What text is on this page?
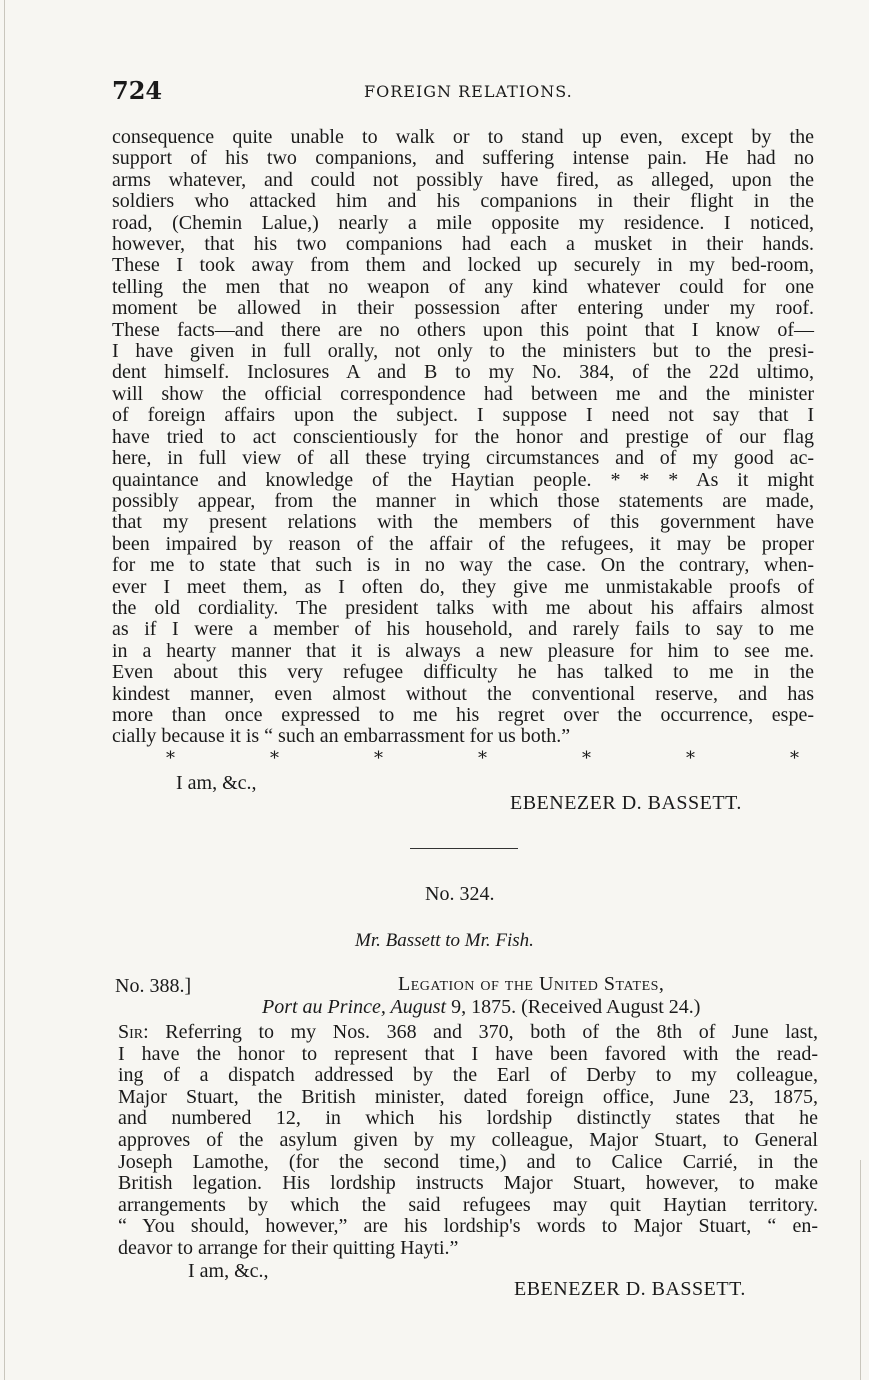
724	FOREIGN RELATIONS.
consequence quite unable to walk or to stand up even, except by the
support of his two companions, and suffering intense pain. He had no
arms whatever, and could not possibly have fired, as alleged, upon the
soldiers who attacked him and his companions in their flight in the
road, (Chemin Lalue,) nearly a mile opposite my residence. I noticed,
however, that his two companions had each a musket in their hands.
These I took away from them and locked up securely in my bed-room,
telling the men that no weapon of any kind whatever could for one
moment be allowed in their possession after entering under my roof.
These facts—and there are no others upon this point that I know of—
I have given in full orally, not only to the ministers but to the presi-
dent himself. Inclosures A and B to my No. 384, of the 22d ultimo,
will show the official correspondence had between me and the minister
of foreign affairs upon the subject. I suppose I need not say that I
have tried to act conscientiously for the honor and prestige of our flag
here, in full view of all these trying circumstances and of my good ac-
quaintance and knowledge of the Haytian people. * * * As it might
possibly appear, from the manner in which those statements are made,
that my present relations with the members of this government have
been impaired by reason of the affair of the refugees, it may be proper
for me to state that such is in no way the case. On the contrary, when-
ever I meet them, as I often do, they give me unmistakable proofs of
the old cordiality. The president talks with me about his affairs almost
as if I were a member of his household, and rarely fails to say to me
in a hearty manner that it is always a new pleasure for him to see me.
Even about this very refugee difficulty he has talked to me in the
kindest manner, even almost without the conventional reserve, and has
more than once expressed to me his regret over the occurrence, espe-
cially because it is “ such an embarrassment for us both.”
*	*	*	*	*	*	*
I am, &c.,
EBENEZER D. BASSETT.
No. 324.
Mr. Bassett to Mr. Fish.
No. 388.]	Legation of the United States,
Port au Prince, August 9, 1875. (Received August 24.)
Sir: Referring to my Nos. 368 and 370, both of the 8th of June last,
I have the honor to represent that I have been favored with the read-
ing of a dispatch addressed by the Earl of Derby to my colleague,
Major Stuart, the British minister, dated foreign office, June 23, 1875,
and numbered 12, in which his lordship distinctly states that he
approves of the asylum given by my colleague, Major Stuart, to General
Joseph Lamothe, (for the second time,) and to Calice Carrié, in the
British legation. His lordship instructs Major Stuart, however, to make
arrangements by which the said refugees may quit Haytian territory.
“ You should, however,” are his lordship's words to Major Stuart, “ en-
deavor to arrange for their quitting Hayti.”
I am, &c.,
EBENEZER D. BASSETT.
